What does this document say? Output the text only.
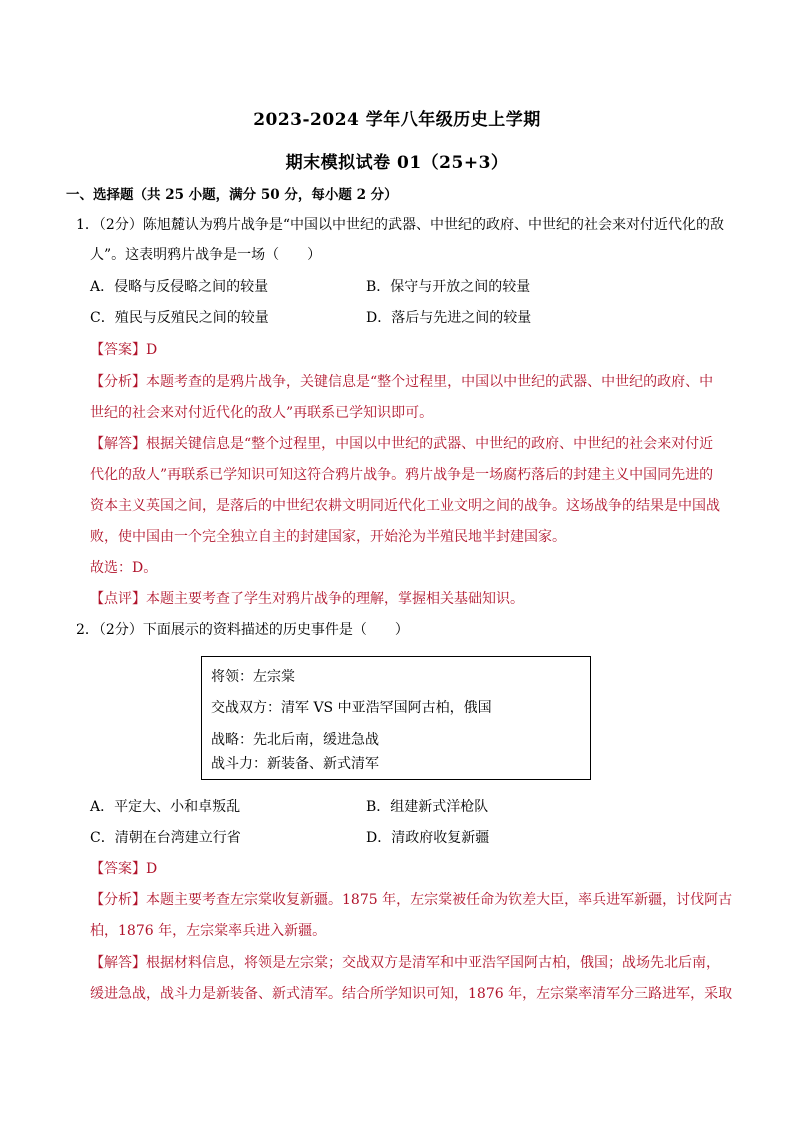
2023-2024 学年八年级历史上学期
期末模拟试卷 01（25+3）
一、选择题（共 25 小题，满分 50 分，每小题 2 分）
1．（2分）陈旭麓认为鸦片战争是“中国以中世纪的武器、中世纪的政府、中世纪的社会来对付近代化的敌
人”。这表明鸦片战争是一场（　　）
A．侵略与反侵略之间的较量	B．保守与开放之间的较量
C．殖民与反殖民之间的较量	D．落后与先进之间的较量
【答案】D
【分析】本题考查的是鸦片战争，关键信息是“整个过程里，中国以中世纪的武器、中世纪的政府、中
世纪的社会来对付近代化的敌人”再联系已学知识即可。
【解答】根据关键信息是“整个过程里，中国以中世纪的武器、中世纪的政府、中世纪的社会来对付近
代化的敌人”再联系已学知识可知这符合鸦片战争。鸦片战争是一场腐朽落后的封建主义中国同先进的
资本主义英国之间，是落后的中世纪农耕文明同近代化工业文明之间的战争。这场战争的结果是中国战
败，使中国由一个完全独立自主的封建国家，开始沦为半殖民地半封建国家。
故选：D。
【点评】本题主要考查了学生对鸦片战争的理解，掌握相关基础知识。
2．（2分）下面展示的资料描述的历史事件是（　　）
将领：左宗棠
交战双方：清军 VS 中亚浩罕国阿古柏，俄国
战略：先北后南，缓进急战
战斗力：新装备、新式清军
A．平定大、小和卓叛乱	B．组建新式洋枪队
C．清朝在台湾建立行省	D．清政府收复新疆
【答案】D
【分析】本题主要考查左宗棠收复新疆。1875 年，左宗棠被任命为钦差大臣，率兵进军新疆，讨伐阿古
柏，1876 年，左宗棠率兵进入新疆。
【解答】根据材料信息，将领是左宗棠；交战双方是清军和中亚浩罕国阿古柏，俄国；战场先北后南，
缓进急战，战斗力是新装备、新式清军。结合所学知识可知，1876 年，左宗棠率清军分三路进军，采取
